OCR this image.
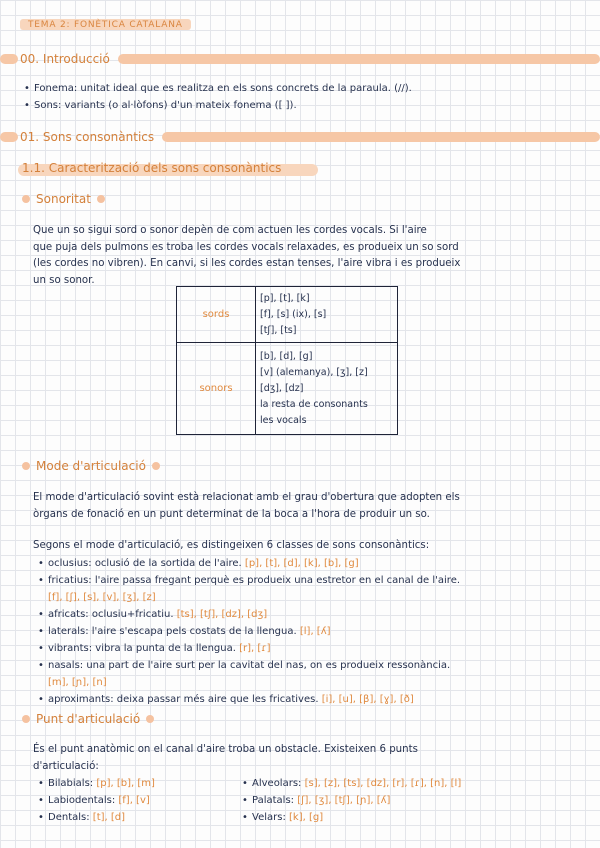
TEMA 2: FONÈTICA CATALANA
00. Introducció
• Fonema: unitat ideal que es realitza en els sons concrets de la paraula. (//).
• Sons: variants (o al·lòfons) d'un mateix fonema ([ ]).
01. Sons consonàntics
1.1. Caracterització dels sons consonàntics
Sonoritat
Que un so sigui sord o sonor depèn de com actuen les cordes vocals. Si l'aire
que puja dels pulmons es troba les cordes vocals relaxades, es produeix un so sord
(les cordes no vibren). En canvi, si les cordes estan tenses, l'aire vibra i es produeix
un so sonor.
sords	[p], [t], [k]
[f], [s] (ix), [s]
[tʃ], [ts]

sonors	[b], [d], [g]
[v] (alemanya), [ʒ], [z]
[dʒ], [dz]
la resta de consonants
les vocals
Mode d'articulació
El mode d'articulació sovint està relacionat amb el grau d'obertura que adopten els
òrgans de fonació en un punt determinat de la boca a l'hora de produir un so.
Segons el mode d'articulació, es distingeixen 6 classes de sons consonàntics:
• oclusius: oclusió de la sortida de l'aire. [p], [t], [d], [k], [b], [g]
• fricatius: l'aire passa fregant perquè es produeix una estretor en el canal de l'aire.
[f], [ʃ], [s], [v], [ʒ], [z]
• africats: oclusiu+fricatiu. [ts], [tʃ], [dz], [dʒ]
• laterals: l'aire s'escapa pels costats de la llengua. [l], [ʎ]
• vibrants: vibra la punta de la llengua. [r], [ɾ]
• nasals: una part de l'aire surt per la cavitat del nas, on es produeix ressonància.
[m], [ɲ], [n]
• aproximants: deixa passar més aire que les fricatives. [i], [u], [β], [ɣ], [ð]
Punt d'articulació
És el punt anatòmic on el canal d'aire troba un obstacle. Existeixen 6 punts
d'articulació:
• Bilabials: [p], [b], [m]
• Labiodentals: [f], [v]
• Dentals: [t], [d]
• Alveolars: [s], [z], [ts], [dz], [r], [ɾ], [n], [l]
• Palatals: [ʃ], [ʒ], [tʃ], [ɲ], [ʎ]
• Velars: [k], [g]
